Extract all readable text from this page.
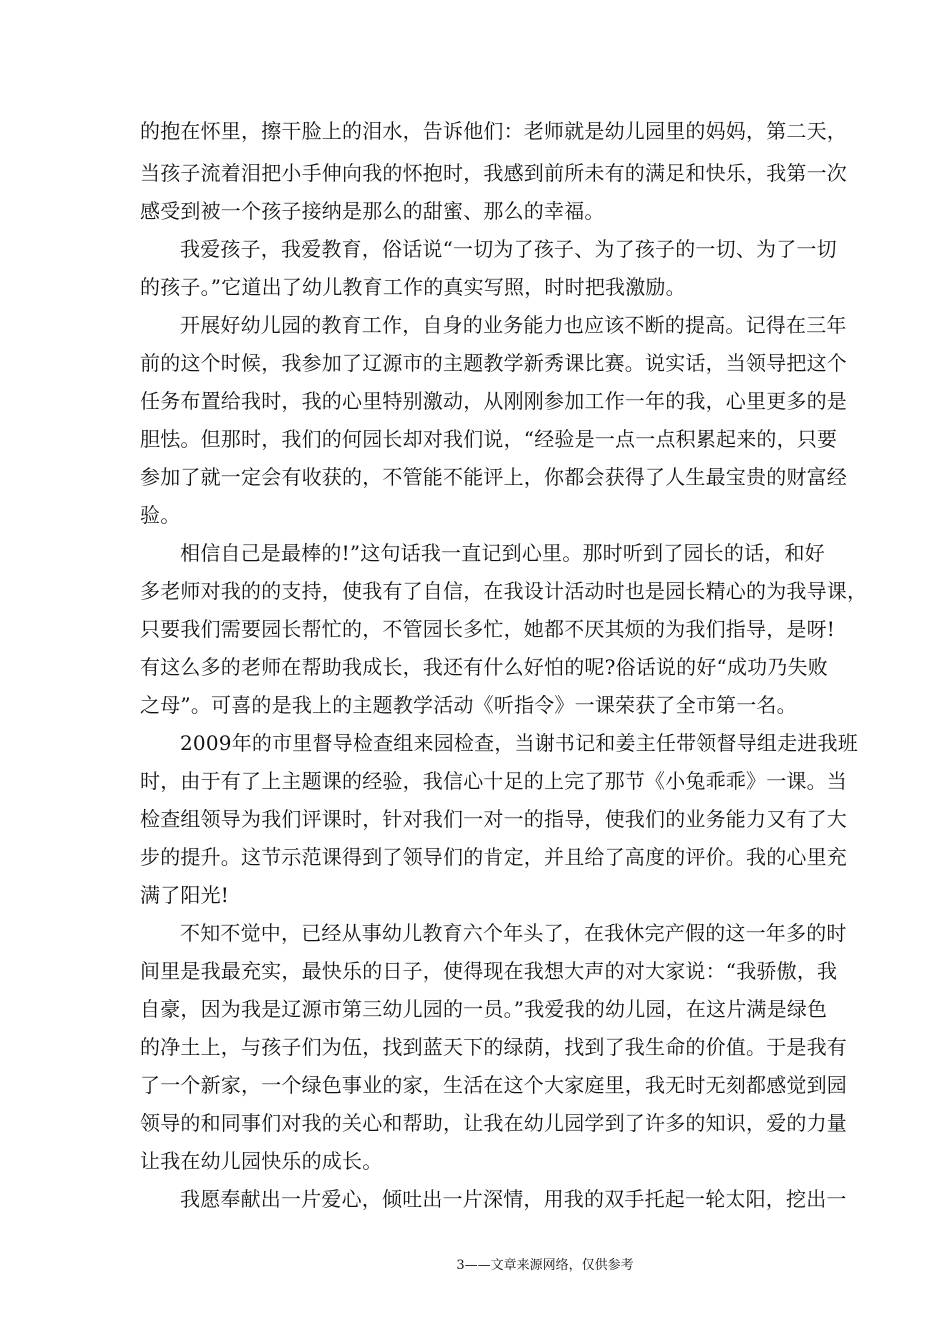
的抱在怀里，擦干脸上的泪水，告诉他们：老师就是幼儿园里的妈妈，第二天，
当孩子流着泪把小手伸向我的怀抱时，我感到前所未有的满足和快乐，我第一次
感受到被一个孩子接纳是那么的甜蜜、那么的幸福。
我爱孩子，我爱教育，俗话说“一切为了孩子、为了孩子的一切、为了一切
的孩子。”它道出了幼儿教育工作的真实写照，时时把我激励。
开展好幼儿园的教育工作，自身的业务能力也应该不断的提高。记得在三年
前的这个时候，我参加了辽源市的主题教学新秀课比赛。说实话，当领导把这个
任务布置给我时，我的心里特别激动，从刚刚参加工作一年的我，心里更多的是
胆怯。但那时，我们的何园长却对我们说，“经验是一点一点积累起来的，只要
参加了就一定会有收获的，不管能不能评上，你都会获得了人生最宝贵的财富经
验。
相信自己是最棒的!”这句话我一直记到心里。那时听到了园长的话，和好
多老师对我的的支持，使我有了自信，在我设计活动时也是园长精心的为我导课，
只要我们需要园长帮忙的，不管园长多忙，她都不厌其烦的为我们指导，是呀!
有这么多的老师在帮助我成长，我还有什么好怕的呢?俗话说的好“成功乃失败
之母”。可喜的是我上的主题教学活动《听指令》一课荣获了全市第一名。
2009年的市里督导检查组来园检查，当谢书记和姜主任带领督导组走进我班
时，由于有了上主题课的经验，我信心十足的上完了那节《小兔乖乖》一课。当
检查组领导为我们评课时，针对我们一对一的指导，使我们的业务能力又有了大
步的提升。这节示范课得到了领导们的肯定，并且给了高度的评价。我的心里充
满了阳光!
不知不觉中，已经从事幼儿教育六个年头了，在我休完产假的这一年多的时
间里是我最充实，最快乐的日子，使得现在我想大声的对大家说：“我骄傲，我
自豪，因为我是辽源市第三幼儿园的一员。”我爱我的幼儿园，在这片满是绿色
的净土上，与孩子们为伍，找到蓝天下的绿荫，找到了我生命的价值。于是我有
了一个新家，一个绿色事业的家，生活在这个大家庭里，我无时无刻都感觉到园
领导的和同事们对我的关心和帮助，让我在幼儿园学到了许多的知识，爱的力量
让我在幼儿园快乐的成长。
我愿奉献出一片爱心，倾吐出一片深情，用我的双手托起一轮太阳，挖出一
3——文章来源网络，仅供参考
